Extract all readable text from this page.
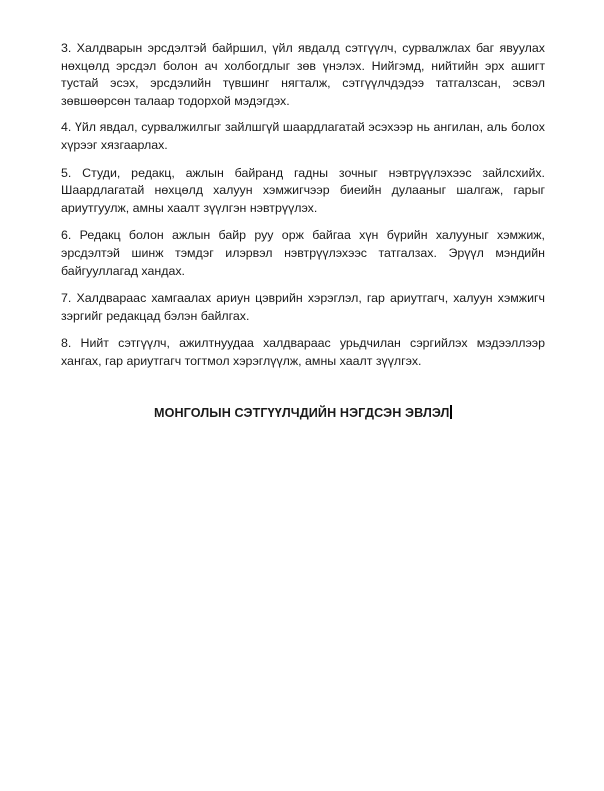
3. Халдварын эрсдэлтэй байршил, үйл явдалд сэтгүүлч, сурвалжлах баг явуулах нөхцөлд эрсдэл болон ач холбогдлыг зөв үнэлэх. Нийгэмд, нийтийн эрх ашигт тустай эсэх, эрсдэлийн түвшинг нягталж, сэтгүүлчдэдээ татгалзсан, эсвэл зөвшөөрсөн талаар тодорхой мэдэгдэх.

4. Үйл явдал, сурвалжилгыг зайлшгүй шаардлагатай эсэхээр нь ангилан, аль болох хүрээг хязгаарлах.

5. Студи, редакц, ажлын байранд гадны зочныг нэвтрүүлэхээс зайлсхийх. Шаардлагатай нөхцөлд халуун хэмжигчээр биеийн дулааныг шалгаж, гарыг ариутгуулж, амны хаалт зүүлгэн нэвтрүүлэх.

6. Редакц болон ажлын байр руу орж байгаа хүн бүрийн халууныг хэмжиж, эрсдэлтэй шинж тэмдэг илэрвэл нэвтрүүлэхээс татгалзах. Эрүүл мэндийн байгууллагад хандах.

7. Халдвараас хамгаалах ариун цэврийн хэрэглэл, гар ариутгагч, халуун хэмжигч зэргийг редакцад бэлэн байлгах.

8. Нийт сэтгүүлч, ажилтнуудаа халдвараас урьдчилан сэргийлэх мэдээллээр хангах, гар ариутгагч тогтмол хэрэглүүлж, амны хаалт зүүлгэх.

МОНГОЛЫН СЭТГҮҮЛЧДИЙН НЭГДСЭН ЭВЛЭЛ
